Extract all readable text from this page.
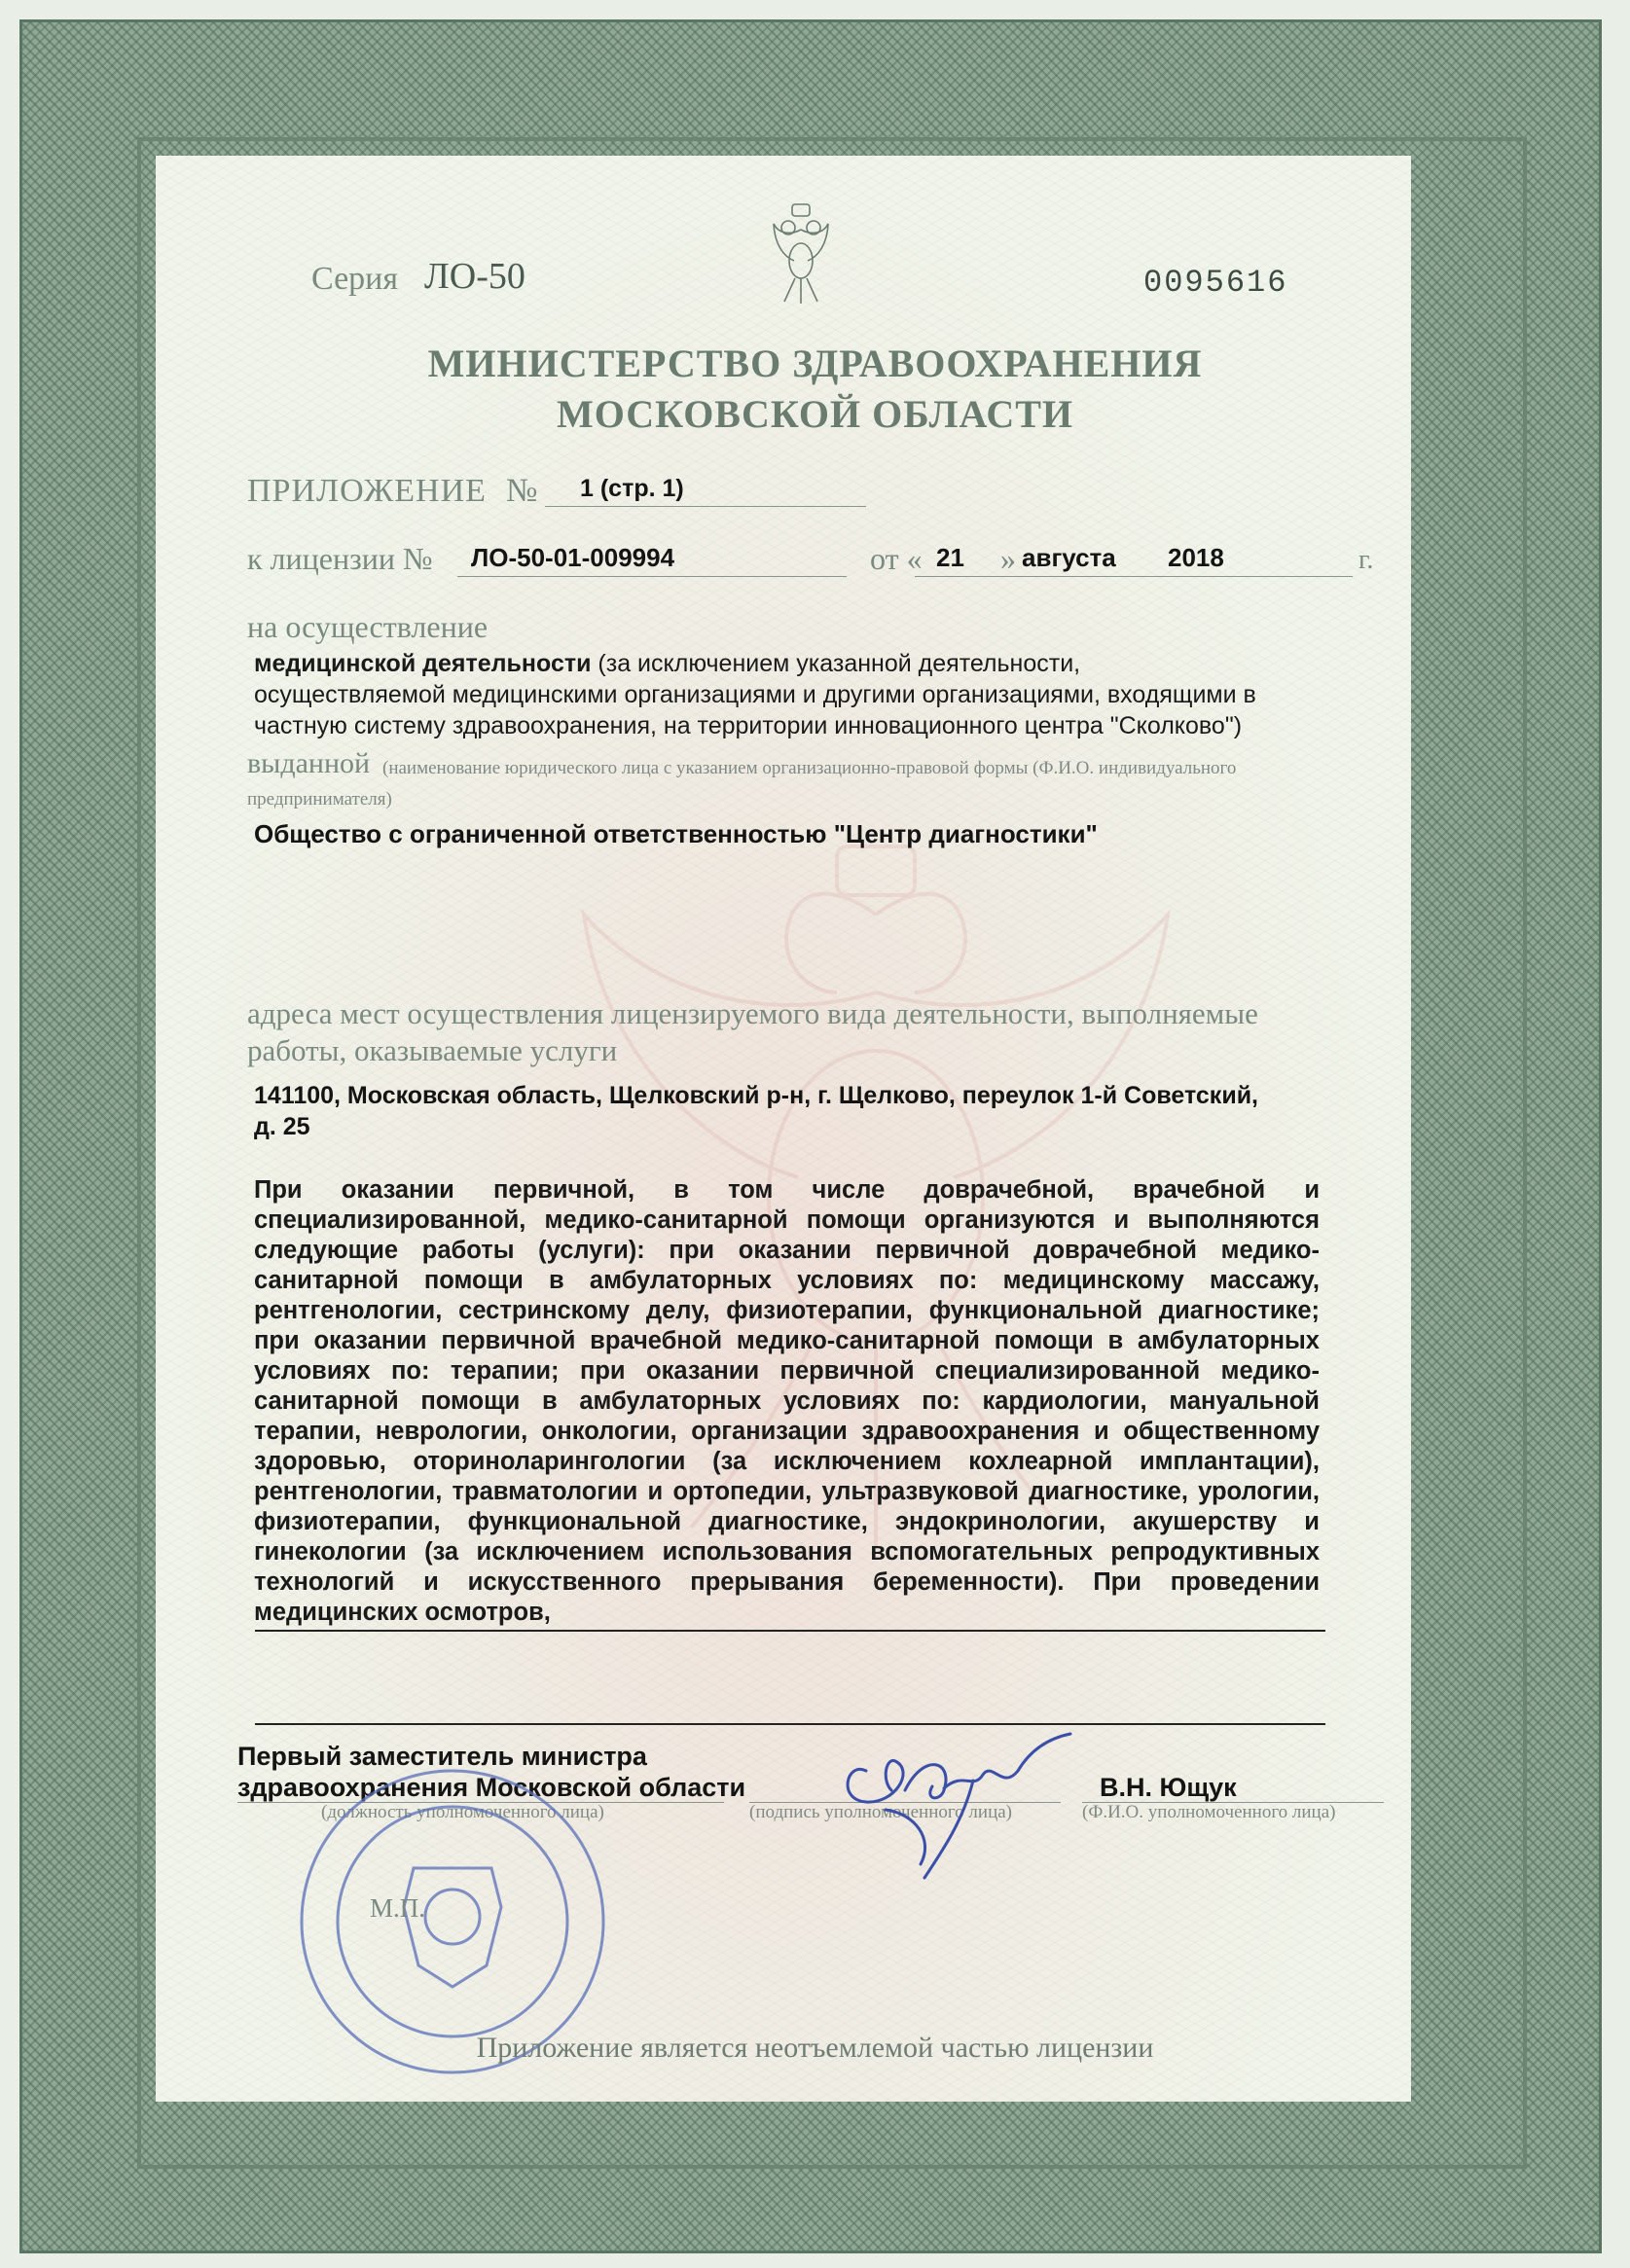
Серия ЛО-50	0095616
МИНИСТЕРСТВО ЗДРАВООХРАНЕНИЯ
МОСКОВСКОЙ ОБЛАСТИ
ПРИЛОЖЕНИЕ № 1 (стр. 1)
к лицензии № ЛО-50-01-009994	от « 21 » августа 2018	г.
на осуществление
медицинской деятельности (за исключением указанной деятельности,
осуществляемой медицинскими организациями и другими организациями, входящими в
частную систему здравоохранения, на территории инновационного центра "Сколково")
выданной (наименование юридического лица с указанием организационно-правовой формы (Ф.И.О. индивидуального
предпринимателя)
Общество с ограниченной ответственностью "Центр диагностики"
адреса мест осуществления лицензируемого вида деятельности, выполняемые
работы, оказываемые услуги
141100, Московская область, Щелковский р-н, г. Щелково, переулок 1-й Советский,
д. 25
При оказании первичной, в том числе доврачебной, врачебной и специализированной, медико-санитарной помощи организуются и выполняются следующие работы (услуги): при оказании первичной доврачебной медико-санитарной помощи в амбулаторных условиях по: медицинскому массажу, рентгенологии, сестринскому делу, физиотерапии, функциональной диагностике; при оказании первичной врачебной медико-санитарной помощи в амбулаторных условиях по: терапии; при оказании первичной специализированной медико-санитарной помощи в амбулаторных условиях по: кардиологии, мануальной терапии, неврологии, онкологии, организации здравоохранения и общественному здоровью, оториноларингологии (за исключением кохлеарной имплантации), рентгенологии, травматологии и ортопедии, ультразвуковой диагностике, урологии, физиотерапии, функциональной диагностике, эндокринологии, акушерству и гинекологии (за исключением использования вспомогательных репродуктивных технологий и искусственного прерывания беременности). При проведении медицинских осмотров,
Первый заместитель министра
здравоохранения Московской области	В.Н. Ющук
(должность уполномоченного лица)	(подпись уполномоченного лица)	(Ф.И.О. уполномоченного лица)
М.П.
Приложение является неотъемлемой частью лицензии
